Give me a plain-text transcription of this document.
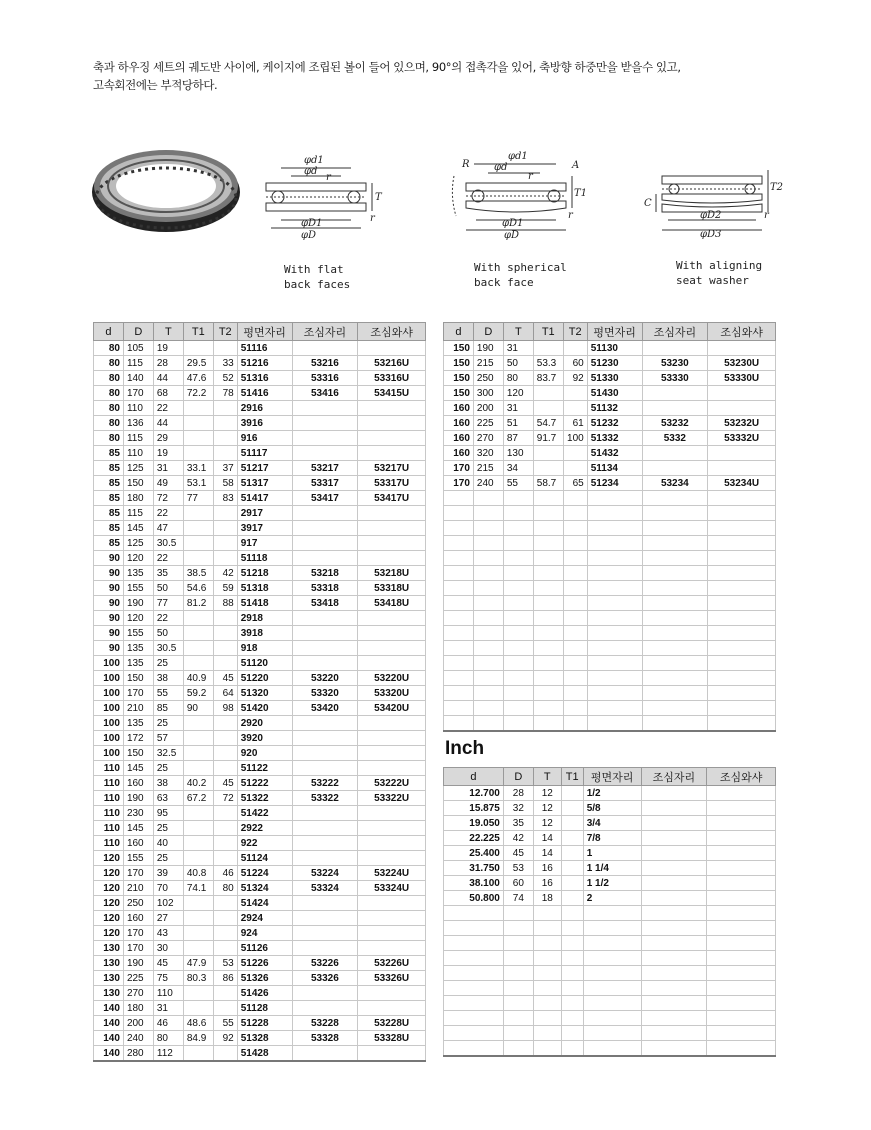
축과 하우징 세트의 궤도반 사이에, 케이지에 조립된 볼이 들어 있으며, 90°의 접촉각을 있어, 축방향 하중만을 받을수 있고,
고속회전에는 부적당하다.
φd1
φd
r
T
φD1
φD
r
With flat
back faces
R
φd1
φd	A
r
T1
φD1
φD
r
With spherical
back face
C
T2
φD2
φD3
r
With aligning
seat washer
d	D	T	T1	T2	평면자리	조심자리	조심와샤
80	105	19			51116		
80	115	28	29.5	33	51216	53216	53216U
80	140	44	47.6	52	51316	53316	53316U
80	170	68	72.2	78	51416	53416	53415U
80	110	22			2916		
80	136	44			3916		
80	115	29			916		
85	110	19			51117		
85	125	31	33.1	37	51217	53217	53217U
85	150	49	53.1	58	51317	53317	53317U
85	180	72	77	83	51417	53417	53417U
85	115	22			2917		
85	145	47			3917		
85	125	30.5			917		
90	120	22			51118		
90	135	35	38.5	42	51218	53218	53218U
90	155	50	54.6	59	51318	53318	53318U
90	190	77	81.2	88	51418	53418	53418U
90	120	22			2918		
90	155	50			3918		
90	135	30.5			918		
100	135	25			51120		
100	150	38	40.9	45	51220	53220	53220U
100	170	55	59.2	64	51320	53320	53320U
100	210	85	90	98	51420	53420	53420U
100	135	25			2920		
100	172	57			3920		
100	150	32.5			920		
110	145	25			51122		
110	160	38	40.2	45	51222	53222	53222U
110	190	63	67.2	72	51322	53322	53322U
110	230	95			51422		
110	145	25			2922		
110	160	40			922		
120	155	25			51124		
120	170	39	40.8	46	51224	53224	53224U
120	210	70	74.1	80	51324	53324	53324U
120	250	102			51424		
120	160	27			2924		
120	170	43			924		
130	170	30			51126		
130	190	45	47.9	53	51226	53226	53226U
130	225	75	80.3	86	51326	53326	53326U
130	270	110			51426		
140	180	31			51128		
140	200	46	48.6	55	51228	53228	53228U
140	240	80	84.9	92	51328	53328	53328U
140	280	112			51428		
d	D	T	T1	T2	평면자리	조심자리	조심와샤
150	190	31			51130		
150	215	50	53.3	60	51230	53230	53230U
150	250	80	83.7	92	51330	53330	53330U
150	300	120			51430		
160	200	31			51132		
160	225	51	54.7	61	51232	53232	53232U
160	270	87	91.7	100	51332	5332	53332U
160	320	130			51432		
170	215	34			51134		
170	240	55	58.7	65	51234	53234	53234U

Inch
d	D	T	T1	평면자리	조심자리	조심와샤
12.700	28	12		1/2		
15.875	32	12		5/8		
19.050	35	12		3/4		
22.225	42	14		7/8		
25.400	45	14		1		
31.750	53	16		1 1/4		
38.100	60	16		1 1/2		
50.800	74	18		2		
